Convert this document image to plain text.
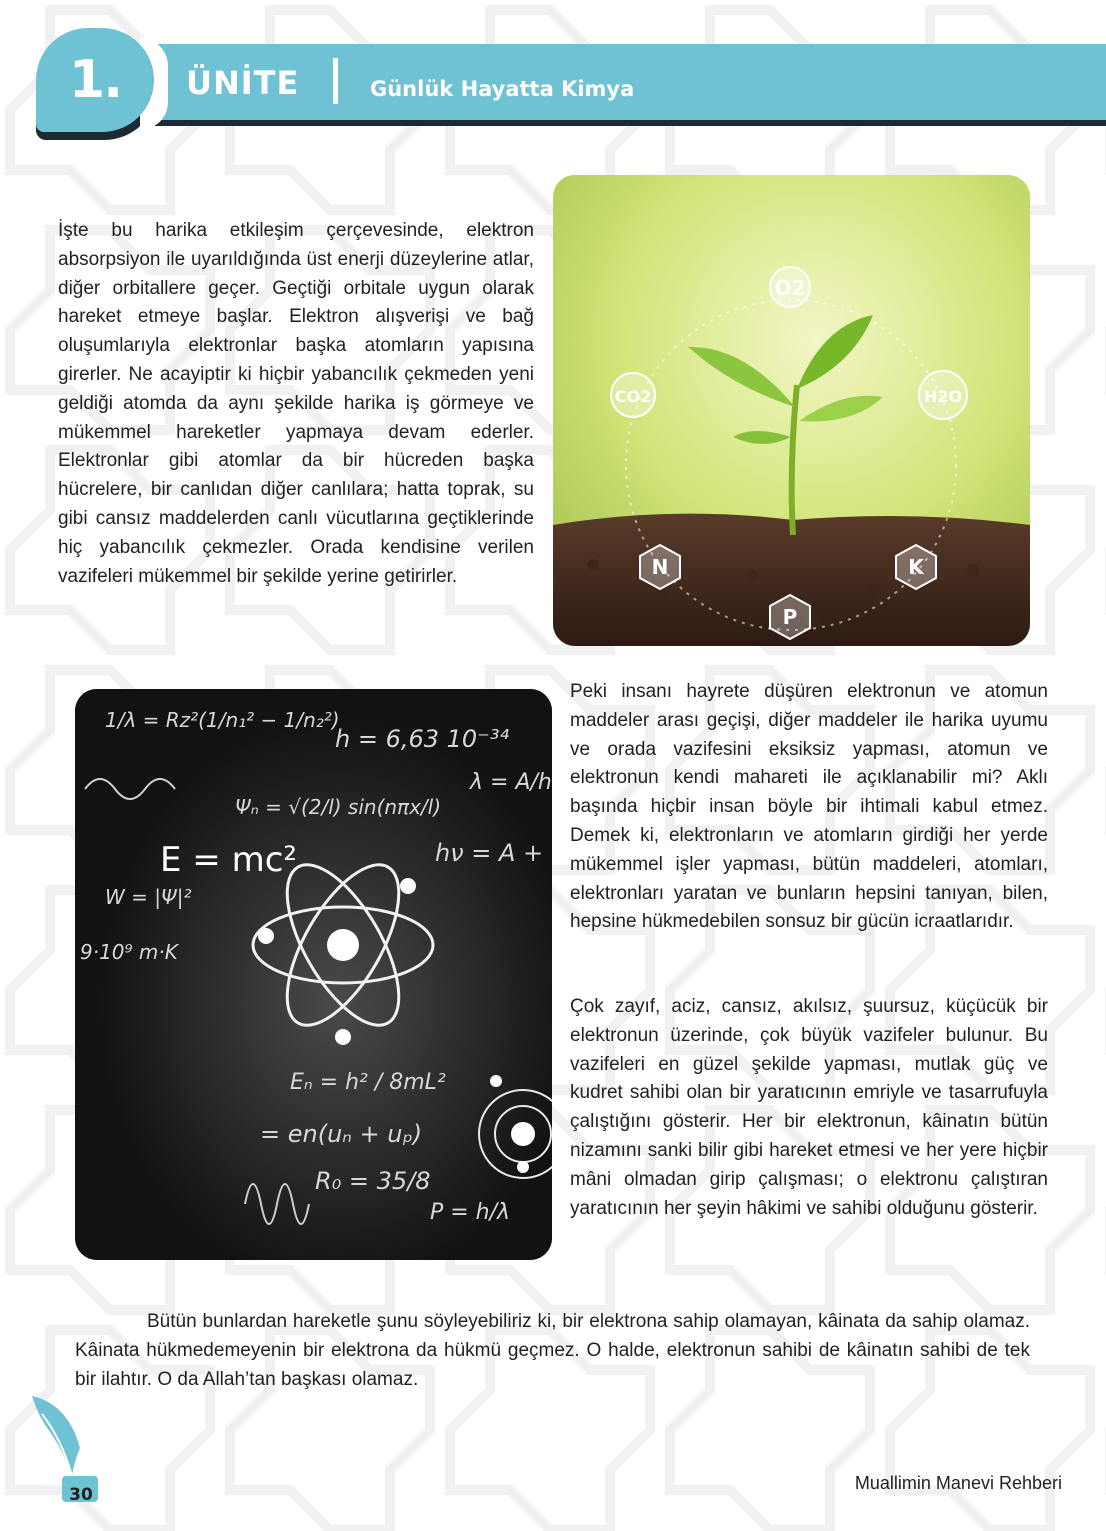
1. ÜNİTE	Günlük Hayatta Kimya

İşte bu harika etkileşim çerçevesinde, elektron absorpsiyon ile uyarıldığında üst enerji düzeylerine atlar, diğer orbitallere geçer. Geçtiği orbitale uygun olarak hareket etmeye başlar. Elektron alışverişi ve bağ oluşumlarıyla elektronlar başka atomların yapısına girerler. Ne acayiptir ki hiçbir yabancılık çekmeden yeni geldiği atomda da aynı şekilde harika iş görmeye ve mükemmel hareketler yapmaya devam ederler. Elektronlar gibi atomlar da bir hücreden başka hücrelere, bir canlıdan diğer canlılara; hatta toprak, su gibi cansız maddelerden canlı vücutlarına geçtiklerinde hiç yabancılık çekmezler. Orada kendisine verilen vazifeleri mükemmel bir şekilde yerine getirirler.

Peki insanı hayrete düşüren elektronun ve atomun maddeler arası geçişi, diğer maddeler ile harika uyumu ve orada vazifesini eksiksiz yapması, atomun ve elektronun kendi mahareti ile açıklanabilir mi? Aklı başında hiçbir insan böyle bir ihtimali kabul etmez. Demek ki, elektronların ve atomların girdiği her yerde mükemmel işler yapması, bütün maddeleri, atomları, elektronları yaratan ve bunların hepsini tanıyan, bilen, hepsine hükmedebilen sonsuz bir gücün icraatlarıdır.

Çok zayıf, aciz, cansız, akılsız, şuursuz, küçücük bir elektronun üzerinde, çok büyük vazifeler bulunur. Bu vazifeleri en güzel şekilde yapması, mutlak güç ve kudret sahibi olan bir yaratıcının emriyle ve tasarrufuyla çalıştığını gösterir. Her bir elektronun, kâinatın bütün nizamını sanki bilir gibi hareket etmesi ve her yere hiçbir mâni olmadan girip çalışması; o elektronu çalıştıran yaratıcının her şeyin hâkimi ve sahibi olduğunu gösterir.

Bütün bunlardan hareketle şunu söyleyebiliriz ki, bir elektrona sahip olamayan, kâinata da sahip olamaz. Kâinata hükmedemeyenin bir elektrona da hükmü geçmez. O halde, elektronun sahibi de kâinatın sahibi de tek bir ilahtır. O da Allah’tan başkası olamaz.

O2
CO2	H2O
N	K
P
1/λ = Rz²(1/n₁² − 1/n₂²)
h = 6,63 10⁻³⁴
Ψₙ = √(2/l) sin(nπx/l)
λ = A/h
E = mc²	hν = A +
W = |Ψ|²
9·10⁹ m·K
Eₙ = h² / 8mL²
= en(uₙ + uₚ)
R₀ = 35/8
P = h/λ
30
Muallimin Manevi Rehberi
